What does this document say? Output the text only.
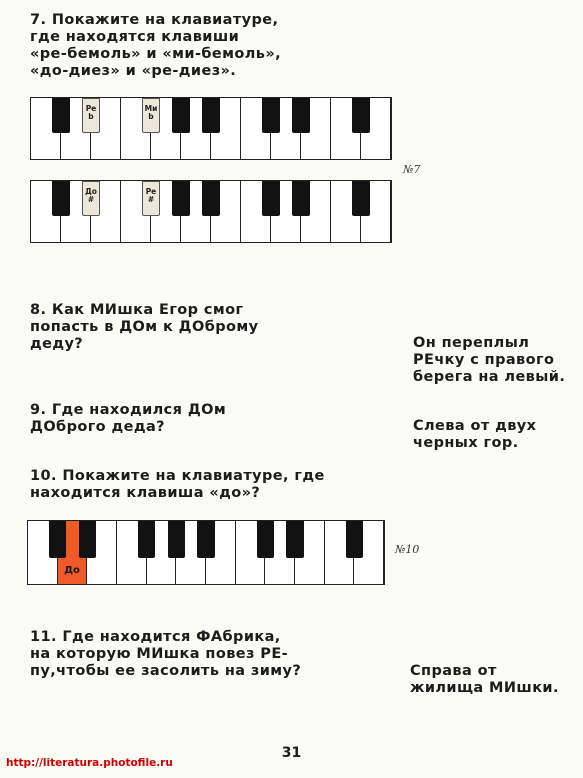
7. Покажите на клавиатуре,
где находятся клавиши
«ре-бемоль» и «ми-бемоль»,
«до-диез» и «ре-диез».

Ре
b
Ми
b
До
#
Ре
#
№7

8. Как МИшка Егор смог
попасть в ДОм к ДОброму
деду?	Он переплыл
РЕчку с правого
берега на левый.

9. Где находился ДОм
ДОброго деда?	Слева от двух
черных гор.

10. Покажите на клавиатуре, где
находится клавиша «до»?

До
№10

11. Где находится ФАбрика,
на которую МИшка повез РЕ-
пу,чтобы ее засолить на зиму?	Справа от
жилища МИшки.

31
http://literatura.photofile.ru
